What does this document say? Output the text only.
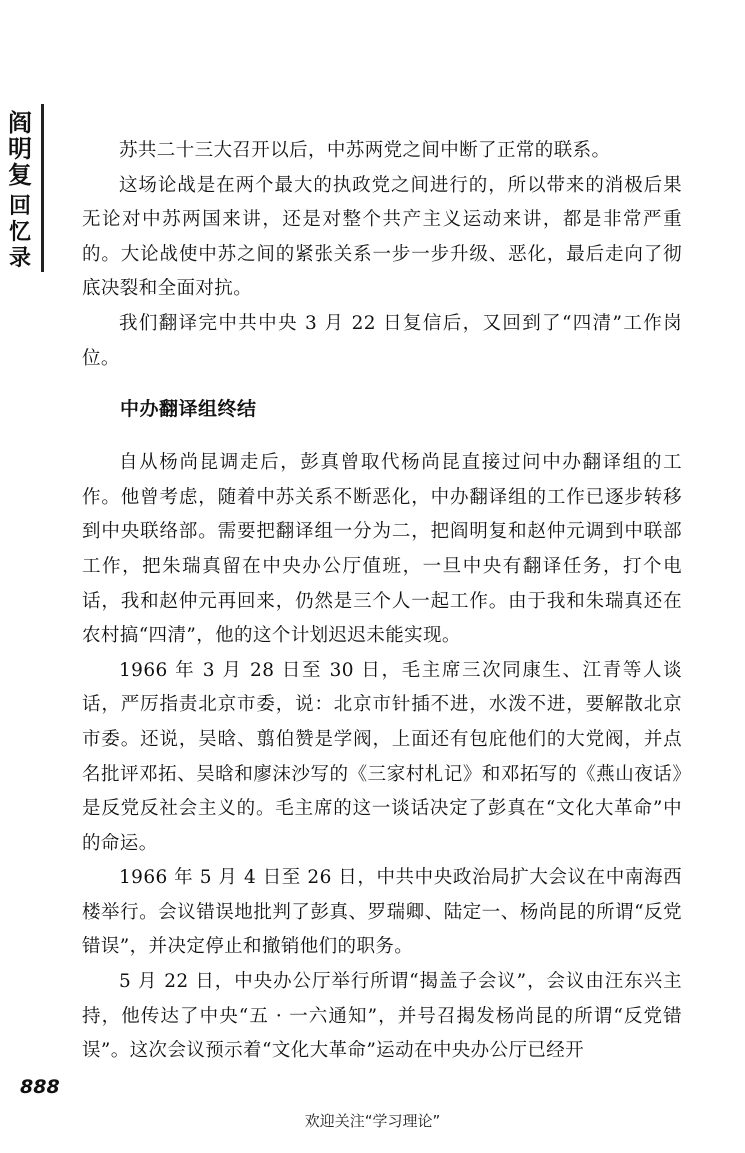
阎明复
回忆录

苏共二十三大召开以后，中苏两党之间中断了正常的联系。

这场论战是在两个最大的执政党之间进行的，所以带来的消极后果无论对中苏两国来讲，还是对整个共产主义运动来讲，都是非常严重的。大论战使中苏之间的紧张关系一步一步升级、恶化，最后走向了彻底决裂和全面对抗。

我们翻译完中共中央 3 月 22 日复信后，又回到了“四清”工作岗位。

中办翻译组终结

自从杨尚昆调走后，彭真曾取代杨尚昆直接过问中办翻译组的工作。他曾考虑，随着中苏关系不断恶化，中办翻译组的工作已逐步转移到中央联络部。需要把翻译组一分为二，把阎明复和赵仲元调到中联部工作，把朱瑞真留在中央办公厅值班，一旦中央有翻译任务，打个电话，我和赵仲元再回来，仍然是三个人一起工作。由于我和朱瑞真还在农村搞“四清”，他的这个计划迟迟未能实现。

1966 年 3 月 28 日至 30 日，毛主席三次同康生、江青等人谈话，严厉指责北京市委，说：北京市针插不进，水泼不进，要解散北京市委。还说，吴晗、翦伯赞是学阀，上面还有包庇他们的大党阀，并点名批评邓拓、吴晗和廖沫沙写的《三家村札记》和邓拓写的《燕山夜话》是反党反社会主义的。毛主席的这一谈话决定了彭真在“文化大革命”中的命运。

1966 年 5 月 4 日至 26 日，中共中央政治局扩大会议在中南海西楼举行。会议错误地批判了彭真、罗瑞卿、陆定一、杨尚昆的所谓“反党错误”，并决定停止和撤销他们的职务。

5 月 22 日，中央办公厅举行所谓“揭盖子会议”，会议由汪东兴主持，他传达了中央“五 · 一六通知”，并号召揭发杨尚昆的所谓“反党错误”。这次会议预示着“文化大革命”运动在中央办公厅已经开

888
欢迎关注“学习理论”
